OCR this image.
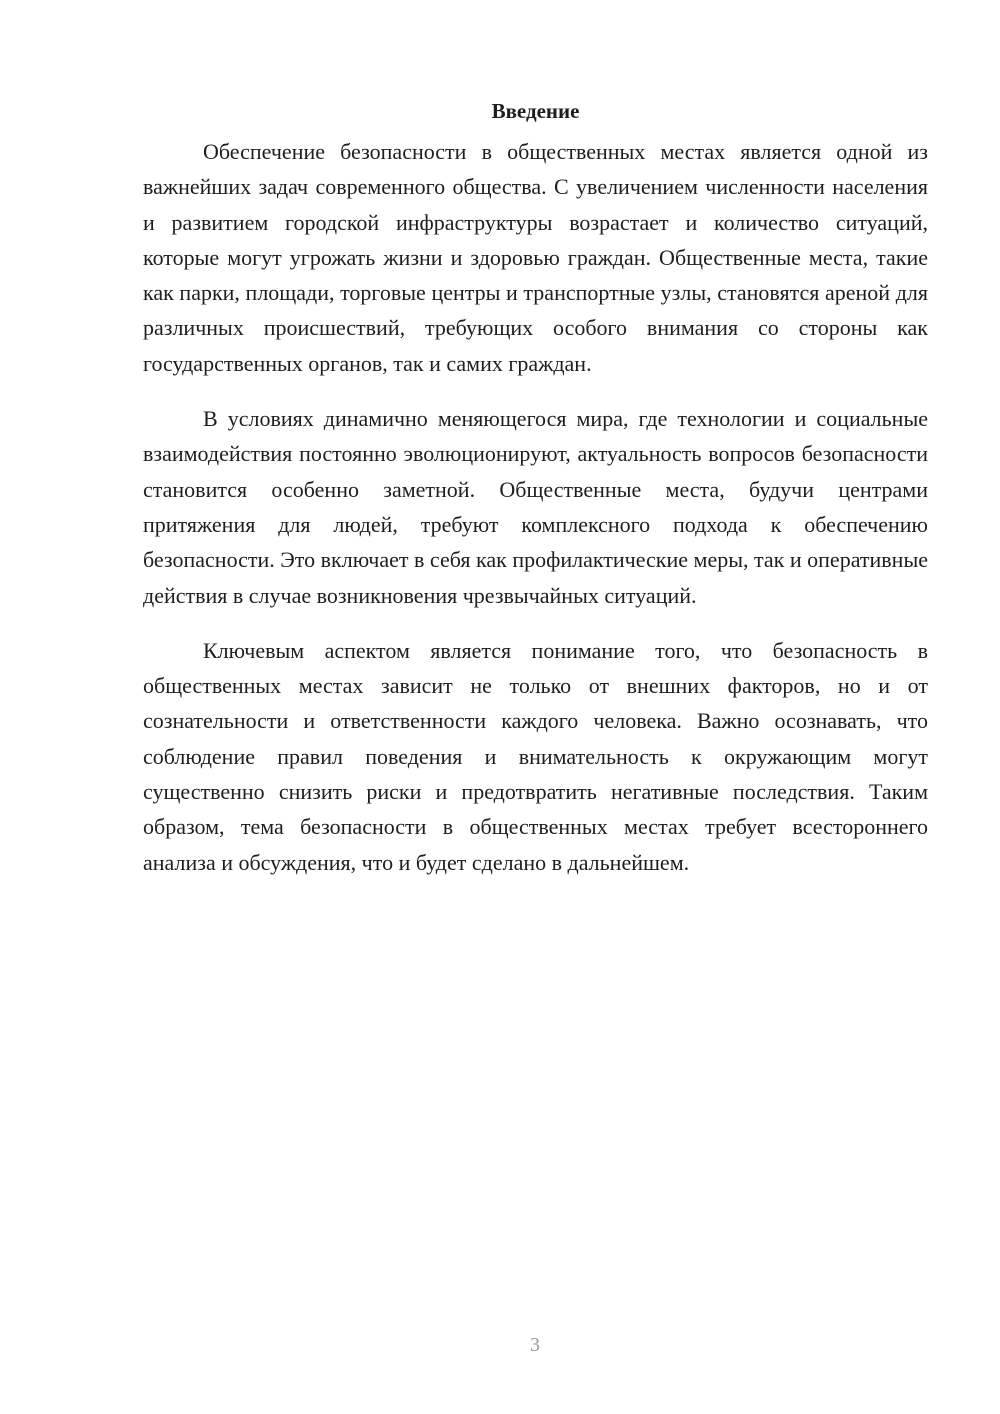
Введение

Обеспечение безопасности в общественных местах является одной из важнейших задач современного общества. С увеличением численности населения и развитием городской инфраструктуры возрастает и количество ситуаций, которые могут угрожать жизни и здоровью граждан. Общественные места, такие как парки, площади, торговые центры и транспортные узлы, становятся ареной для различных происшествий, требующих особого внимания со стороны как государственных органов, так и самих граждан.

В условиях динамично меняющегося мира, где технологии и социальные взаимодействия постоянно эволюционируют, актуальность вопросов безопасности становится особенно заметной. Общественные места, будучи центрами притяжения для людей, требуют комплексного подхода к обеспечению безопасности. Это включает в себя как профилактические меры, так и оперативные действия в случае возникновения чрезвычайных ситуаций.

Ключевым аспектом является понимание того, что безопасность в общественных местах зависит не только от внешних факторов, но и от сознательности и ответственности каждого человека. Важно осознавать, что соблюдение правил поведения и внимательность к окружающим могут существенно снизить риски и предотвратить негативные последствия. Таким образом, тема безопасности в общественных местах требует всестороннего анализа и обсуждения, что и будет сделано в дальнейшем.

3
